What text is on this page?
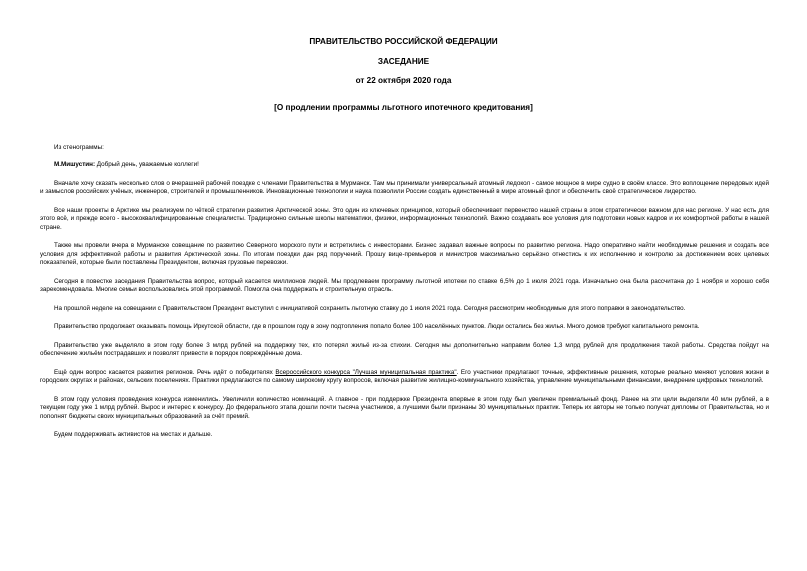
ПРАВИТЕЛЬСТВО РОССИЙСКОЙ ФЕДЕРАЦИИ
ЗАСЕДАНИЕ
от 22 октября 2020 года
[О продлении программы льготного ипотечного кредитования]

Из стенограммы:

М.Мишустин: Добрый день, уважаемые коллеги!

Вначале хочу сказать несколько слов о вчерашней рабочей поездке с членами Правительства в Мурманск. Там мы принимали универсальный атомный ледокол - самое мощное в мире судно в своём классе. Это воплощение передовых идей и замыслов российских учёных, инженеров, строителей и промышленников. Инновационные технологии и наука позволили России создать единственный в мире атомный флот и обеспечить своё стратегическое лидерство.

Все наши проекты в Арктике мы реализуем по чёткой стратегии развития Арктической зоны. Это один из ключевых принципов, который обеспечивает первенство нашей страны в этом стратегически важном для нас регионе. У нас есть для этого всё, и прежде всего - высококвалифицированные специалисты. Традиционно сильные школы математики, физики, информационных технологий. Важно создавать все условия для подготовки новых кадров и их комфортной работы в нашей стране.

Также мы провели вчера в Мурманске совещание по развитию Северного морского пути и встретились с инвесторами. Бизнес задавал важные вопросы по развитию региона. Надо оперативно найти необходимые решения и создать все условия для эффективной работы и развития Арктической зоны. По итогам поездки дан ряд поручений. Прошу вице-премьеров и министров максимально серьёзно отнестись к их исполнению и контролю за достижением всех целевых показателей, которые были поставлены Президентом, включая грузовые перевозки.

Сегодня в повестке заседания Правительства вопрос, который касается миллионов людей. Мы продлеваем программу льготной ипотеки по ставке 6,5% до 1 июля 2021 года. Изначально она была рассчитана до 1 ноября и хорошо себя зарекомендовала. Многие семьи воспользовались этой программой. Помогла она поддержать и строительную отрасль.

На прошлой неделе на совещании с Правительством Президент выступил с инициативой сохранить льготную ставку до 1 июля 2021 года. Сегодня рассмотрим необходимые для этого поправки в законодательство.

Правительство продолжает оказывать помощь Иркутской области, где в прошлом году в зону подтопления попало более 100 населённых пунктов. Люди остались без жилья. Много домов требуют капитального ремонта.

Правительство уже выделяло в этом году более 3 млрд рублей на поддержку тех, кто потерял жильё из-за стихии. Сегодня мы дополнительно направим более 1,3 млрд рублей для продолжения такой работы. Средства пойдут на обеспечение жильём пострадавших и позволят привести в порядок повреждённые дома.

Ещё один вопрос касается развития регионов. Речь идёт о победителях Всероссийского конкурса "Лучшая муниципальная практика". Его участники предлагают точные, эффективные решения, которые реально меняют условия жизни в городских округах и районах, сельских поселениях. Практики предлагаются по самому широкому кругу вопросов, включая развитие жилищно-коммунального хозяйства, управление муниципальными финансами, внедрение цифровых технологий.

В этом году условия проведения конкурса изменились. Увеличили количество номинаций. А главное - при поддержке Президента впервые в этом году был увеличен премиальный фонд. Ранее на эти цели выделяли 40 млн рублей, а в текущем году уже 1 млрд рублей. Вырос и интерес к конкурсу. До федерального этапа дошли почти тысяча участников, а лучшими были признаны 30 муниципальных практик. Теперь их авторы не только получат дипломы от Правительства, но и пополнят бюджеты своих муниципальных образований за счёт премий.

Будем поддерживать активистов на местах и дальше.
